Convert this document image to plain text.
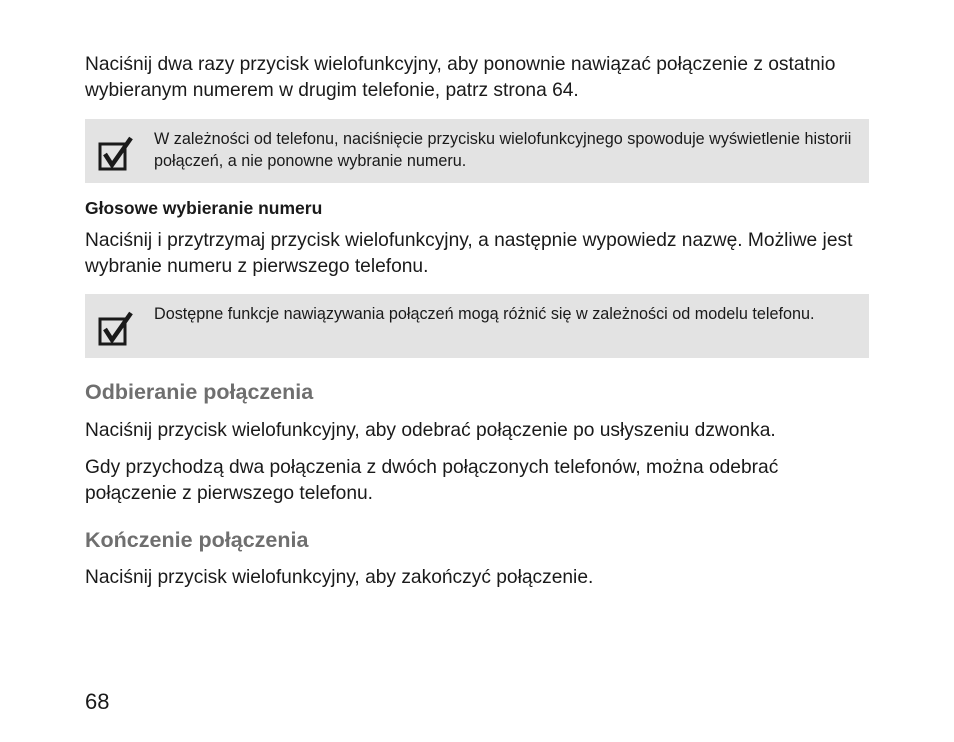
Naciśnij dwa razy przycisk wielofunkcyjny, aby ponownie nawiązać połączenie z ostatnio wybieranym numerem w drugim telefonie, patrz strona 64.

W zależności od telefonu, naciśnięcie przycisku wielofunkcyjnego spowoduje wyświetlenie historii połączeń, a nie ponowne wybranie numeru.

Głosowe wybieranie numeru

Naciśnij i przytrzymaj przycisk wielofunkcyjny, a następnie wypowiedz nazwę. Możliwe jest wybranie numeru z pierwszego telefonu.

Dostępne funkcje nawiązywania połączeń mogą różnić się w zależności od modelu telefonu.

Odbieranie połączenia

Naciśnij przycisk wielofunkcyjny, aby odebrać połączenie po usłyszeniu dzwonka.

Gdy przychodzą dwa połączenia z dwóch połączonych telefonów, można odebrać połączenie z pierwszego telefonu.

Kończenie połączenia

Naciśnij przycisk wielofunkcyjny, aby zakończyć połączenie.

68
